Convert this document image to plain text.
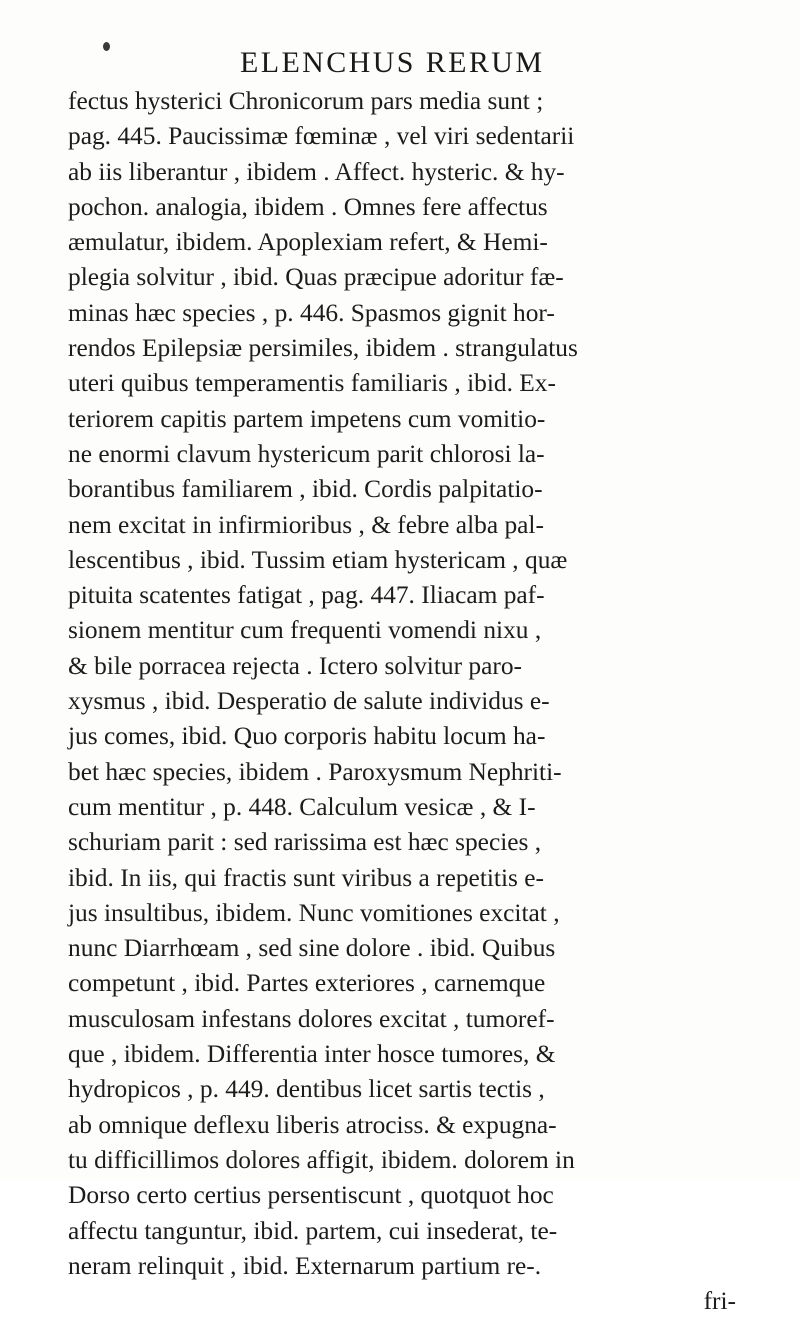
ELENCHUS RERUM
fectus hysterici Chronicorum pars media sunt ;
pag. 445. Paucissimæ fœminæ , vel viri sedentarii
ab iis liberantur , ibidem . Affect. hysteric. & hy-
pochon. analogia, ibidem . Omnes fere affectus
æmulatur, ibidem. Apoplexiam refert, & Hemi-
plegia solvitur , ibid. Quas præcipue adoritur fæ-
minas hæc species , p. 446. Spasmos gignit hor-
rendos Epilepsiæ persimiles, ibidem . strangulatus
uteri quibus temperamentis familiaris , ibid. Ex-
teriorem capitis partem impetens cum vomitio-
ne enormi clavum hystericum parit chlorosi la-
borantibus familiarem , ibid. Cordis palpitatio-
nem excitat in infirmioribus , & febre alba pal-
lescentibus , ibid. Tussim etiam hystericam , quæ
pituita scatentes fatigat , pag. 447. Iliacam paf-
sionem mentitur cum frequenti vomendi nixu ,
& bile porracea rejecta . Ictero solvitur paro-
xysmus , ibid. Desperatio de salute individus e-
jus comes, ibid. Quo corporis habitu locum ha-
bet hæc species, ibidem . Paroxysmum Nephriti-
cum mentitur , p. 448. Calculum vesicæ , & I-
schuriam parit : sed rarissima est hæc species ,
ibid. In iis, qui fractis sunt viribus a repetitis e-
jus insultibus, ibidem. Nunc vomitiones excitat ,
nunc Diarrhœam , sed sine dolore . ibid. Quibus
competunt , ibid. Partes exteriores , carnemque
musculosam infestans dolores excitat , tumoref-
que , ibidem. Differentia inter hosce tumores, &
hydropicos , p. 449. dentibus licet sartis tectis ,
ab omnique deflexu liberis atrociss. & expugna-
tu difficillimos dolores affigit, ibidem. dolorem in
Dorso certo certius persentiscunt , quotquot hoc
affectu tanguntur, ibid. partem, cui insederat, te-
neram relinquit , ibid. Externarum partium re-.
fri-
